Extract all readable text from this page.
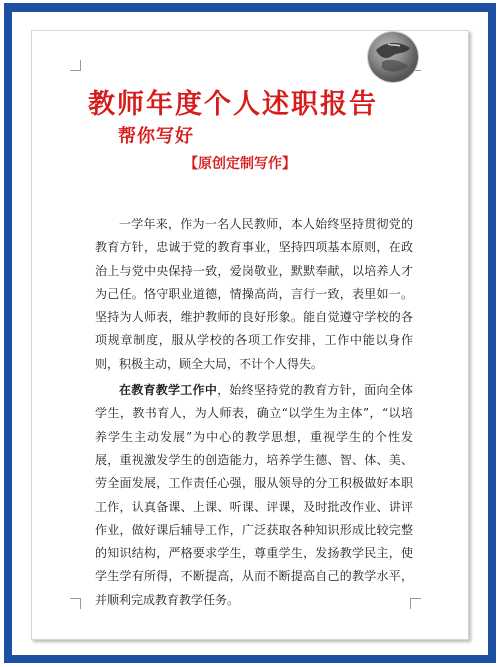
教师年度个人述职报告
帮你写好
【原创定制写作】

一学年来，作为一名人民教师，本人始终坚持贯彻党的教育方针，忠诚于党的教育事业，坚持四项基本原则，在政治上与党中央保持一致，爱岗敬业，默默奉献，以培养人才为己任。恪守职业道德，情操高尚，言行一致，表里如一。坚持为人师表，维护教师的良好形象。能自觉遵守学校的各项规章制度，服从学校的各项工作安排，工作中能以身作则，积极主动，顾全大局，不计个人得失。

在教育教学工作中，始终坚持党的教育方针，面向全体学生，教书育人，为人师表，确立“以学生为主体”，“以培养学生主动发展”为中心的教学思想，重视学生的个性发展，重视激发学生的创造能力，培养学生德、智、体、美、劳全面发展，工作责任心强，服从领导的分工积极做好本职工作，认真备课、上课、听课、评课，及时批改作业、讲评作业，做好课后辅导工作，广泛获取各种知识形成比较完整的知识结构，严格要求学生，尊重学生，发扬教学民主，使学生学有所得，不断提高，从而不断提高自己的教学水平，并顺利完成教育教学任务。
